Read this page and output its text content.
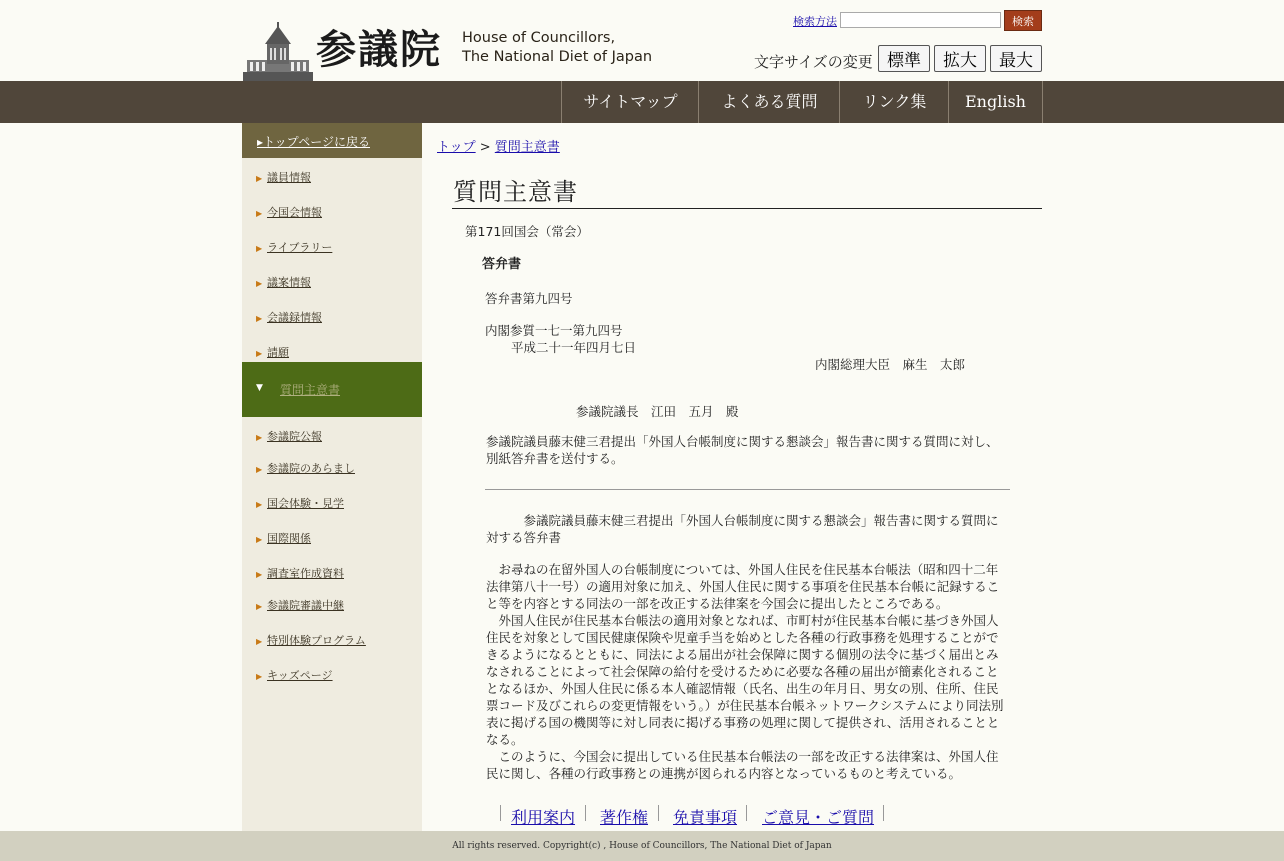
参議院 House of Councillors,
The National Diet of Japan
検索方法	検索
文字サイズの変更 標準	拡大	最大
サイトマップ	よくある質問	リンク集	English
▸トップページに戻る
▶ 議員情報
▶ 今国会情報
▶ ライブラリー
▶ 議案情報
▶ 会議録情報
▶ 請願
▼ 質問主意書
▶ 参議院公報
▶ 参議院のあらまし
▶ 国会体験・見学
▶ 国際関係
▶ 調査室作成資料
▶ 参議院審議中継
▶ 特別体験プログラム
▶ キッズページ
トップ > 質問主意書
質問主意書
第171回国会（常会）
答弁書
答弁書第九四号
内閣参質一七一第九四号
平成二十一年四月七日
内閣総理大臣　麻生　太郎
参議院議長　江田　五月　殿
参議院議員藤末健三君提出「外国人台帳制度に関する懇談会」報告書に関する質問に対し、別紙答弁書を送付する。
　　　参議院議員藤末健三君提出「外国人台帳制度に関する懇談会」報告書に関する質問に対する答弁書
　お尋ねの在留外国人の台帳制度については、外国人住民を住民基本台帳法（昭和四十二年法律第八十一号）の適用対象に加え、外国人住民に関する事項を住民基本台帳に記録すること等を内容とする同法の一部を改正する法律案を今国会に提出したところである。
　外国人住民が住民基本台帳法の適用対象となれば、市町村が住民基本台帳に基づき外国人住民を対象として国民健康保険や児童手当を始めとした各種の行政事務を処理することができるようになるとともに、同法による届出が社会保障に関する個別の法令に基づく届出とみなされることによって社会保障の給付を受けるために必要な各種の届出が簡素化されることとなるほか、外国人住民に係る本人確認情報（氏名、出生の年月日、男女の別、住所、住民票コード及びこれらの変更情報をいう。）が住民基本台帳ネットワークシステムにより同法別表に掲げる国の機関等に対し同表に掲げる事務の処理に関して提供され、活用されることとなる。
　このように、今国会に提出している住民基本台帳法の一部を改正する法律案は、外国人住民に関し、各種の行政事務との連携が図られる内容となっているものと考えている。
利用案内 著作権 免責事項 ご意見・ご質問
All rights reserved. Copyright(c) , House of Councillors, The National Diet of Japan
